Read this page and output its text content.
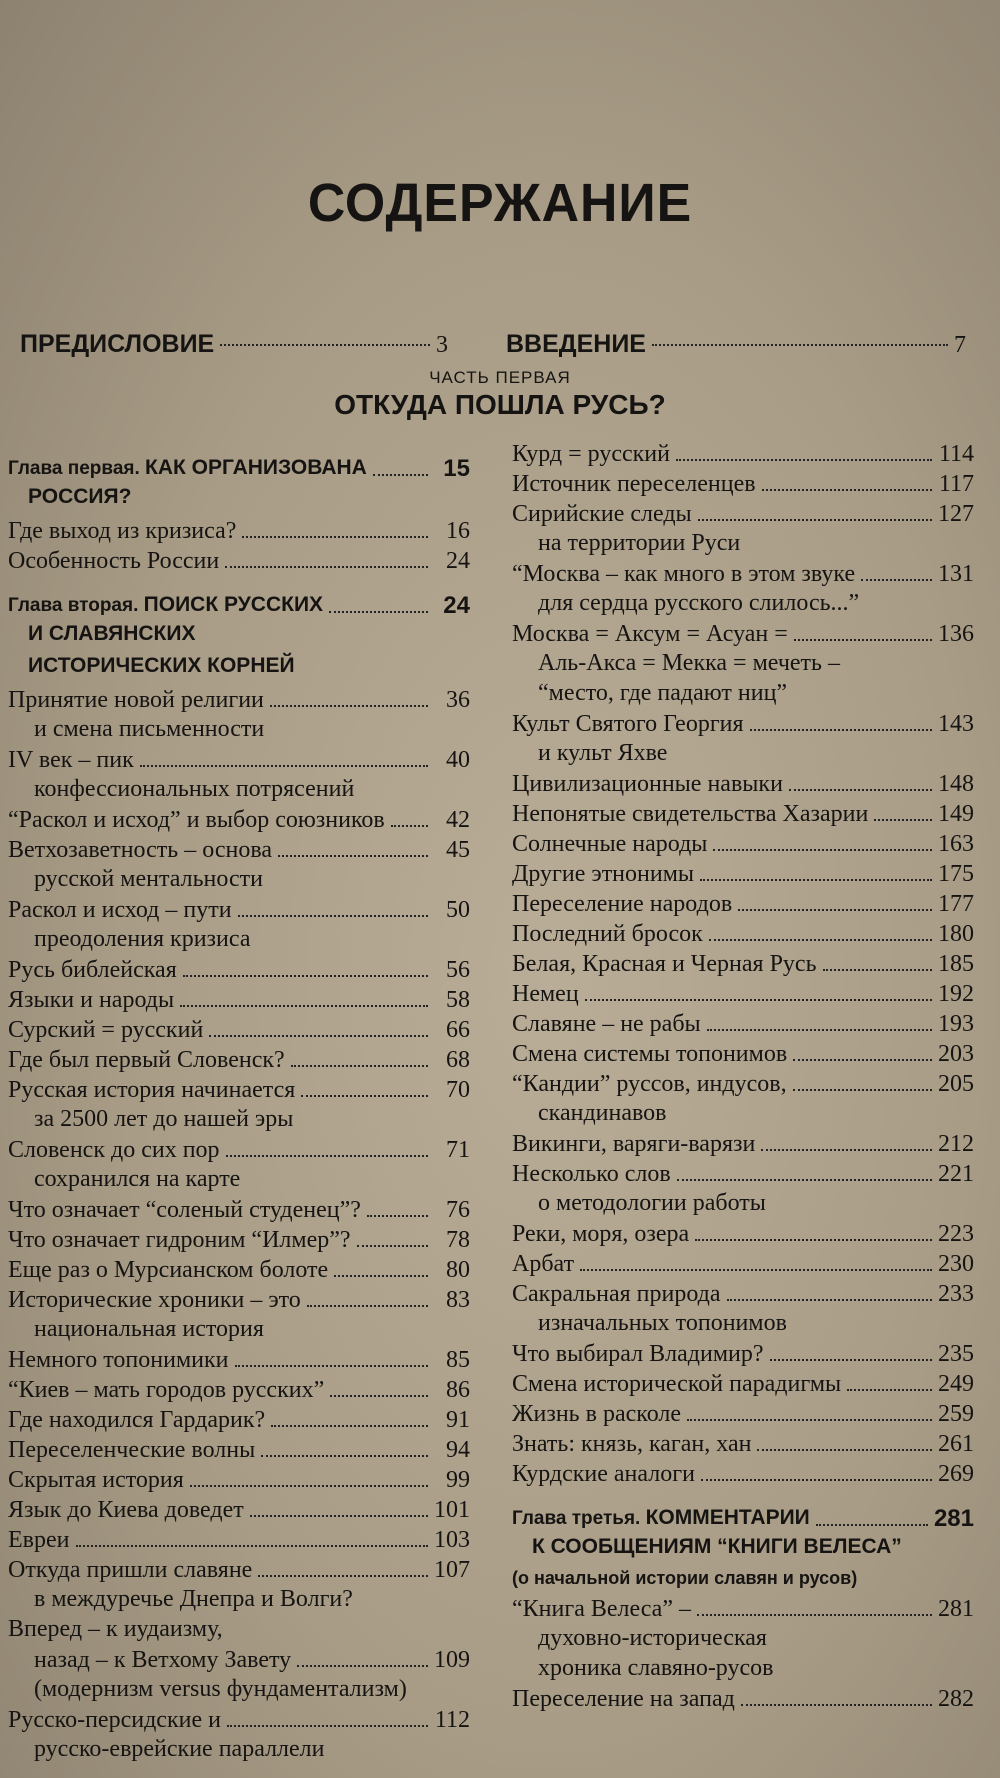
СОДЕРЖАНИЕ
ПРЕДИСЛОВИЕ	3 ВВЕДЕНИЕ	7
ЧАСТЬ ПЕРВАЯ
ОТКУДА ПОШЛА РУСЬ?
Глава первая. КАК ОРГАНИЗОВАНА	15
РОССИЯ?
Где выход из кризиса?	16
Особенность России	24
Глава вторая. ПОИСК РУССКИХ	24
И СЛАВЯНСКИХ
ИСТОРИЧЕСКИХ КОРНЕЙ
Принятие новой религии	36
и смена письменности
IV век – пик	40
конфессиональных потрясений
“Раскол и исход” и выбор союзников	42
Ветхозаветность – основа	45
русской ментальности
Раскол и исход – пути	50
преодоления кризиса
Русь библейская	56
Языки и народы	58
Сурский = русский	66
Где был первый Словенск?	68
Русская история начинается	70
за 2500 лет до нашей эры
Словенск до сих пор	71
сохранился на карте
Что означает “соленый студенец”?	76
Что означает гидроним “Илмер”?	78
Еще раз о Мурсианском болоте	80
Исторические хроники – это	83
национальная история
Немного топонимики	85
“Киев – мать городов русских”	86
Где находился Гардарик?	91
Переселенческие волны	94
Скрытая история	99
Язык до Киева доведет	101
Евреи	103
Откуда пришли славяне	107
в междуречье Днепра и Волги?
Вперед – к иудаизму,
назад – к Ветхому Завету	109
(модернизм versus фундаментализм)
Русско-персидские и	112
русско-еврейские параллели
Курд = русский	114
Источник переселенцев	117
Сирийские следы	127
на территории Руси
“Москва – как много в этом звуке	131
для сердца русского слилось...”
Москва = Аксум = Асуан =	136
Аль-Акса = Мекка = мечеть –
“место, где падают ниц”
Культ Святого Георгия	143
и культ Яхве
Цивилизационные навыки	148
Непонятые свидетельства Хазарии	149
Солнечные народы	163
Другие этнонимы	175
Переселение народов	177
Последний бросок	180
Белая, Красная и Черная Русь	185
Немец	192
Славяне – не рабы	193
Смена системы топонимов	203
“Кандии” руссов, индусов,	205
скандинавов
Викинги, варяги-варязи	212
Несколько слов	221
о методологии работы
Реки, моря, озера	223
Арбат	230
Сакральная природа	233
изначальных топонимов
Что выбирал Владимир?	235
Смена исторической парадигмы	249
Жизнь в расколе	259
Знать: князь, каган, хан	261
Курдские аналоги	269
Глава третья. КОММЕНТАРИИ	281
К СООБЩЕНИЯМ “КНИГИ ВЕЛЕСА”
(о начальной истории славян и русов)
“Книга Велеса” –	281
духовно-историческая
хроника славяно-русов
Переселение на запад	282
